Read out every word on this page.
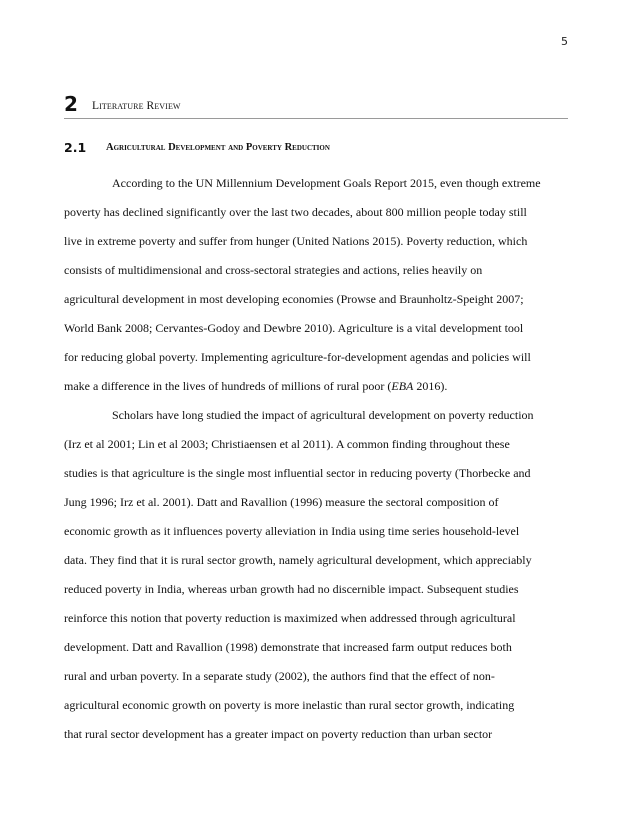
5
2 Literature Review
2.1 Agricultural Development and Poverty Reduction
According to the UN Millennium Development Goals Report 2015, even though extreme
poverty has declined significantly over the last two decades, about 800 million people today still
live in extreme poverty and suffer from hunger (United Nations 2015). Poverty reduction, which
consists of multidimensional and cross-sectoral strategies and actions, relies heavily on
agricultural development in most developing economies (Prowse and Braunholtz-Speight 2007;
World Bank 2008; Cervantes-Godoy and Dewbre 2010). Agriculture is a vital development tool
for reducing global poverty. Implementing agriculture-for-development agendas and policies will
make a difference in the lives of hundreds of millions of rural poor (EBA 2016).
Scholars have long studied the impact of agricultural development on poverty reduction
(Irz et al 2001; Lin et al 2003; Christiaensen et al 2011). A common finding throughout these
studies is that agriculture is the single most influential sector in reducing poverty (Thorbecke and
Jung 1996; Irz et al. 2001). Datt and Ravallion (1996) measure the sectoral composition of
economic growth as it influences poverty alleviation in India using time series household-level
data. They find that it is rural sector growth, namely agricultural development, which appreciably
reduced poverty in India, whereas urban growth had no discernible impact. Subsequent studies
reinforce this notion that poverty reduction is maximized when addressed through agricultural
development. Datt and Ravallion (1998) demonstrate that increased farm output reduces both
rural and urban poverty. In a separate study (2002), the authors find that the effect of non-
agricultural economic growth on poverty is more inelastic than rural sector growth, indicating
that rural sector development has a greater impact on poverty reduction than urban sector
